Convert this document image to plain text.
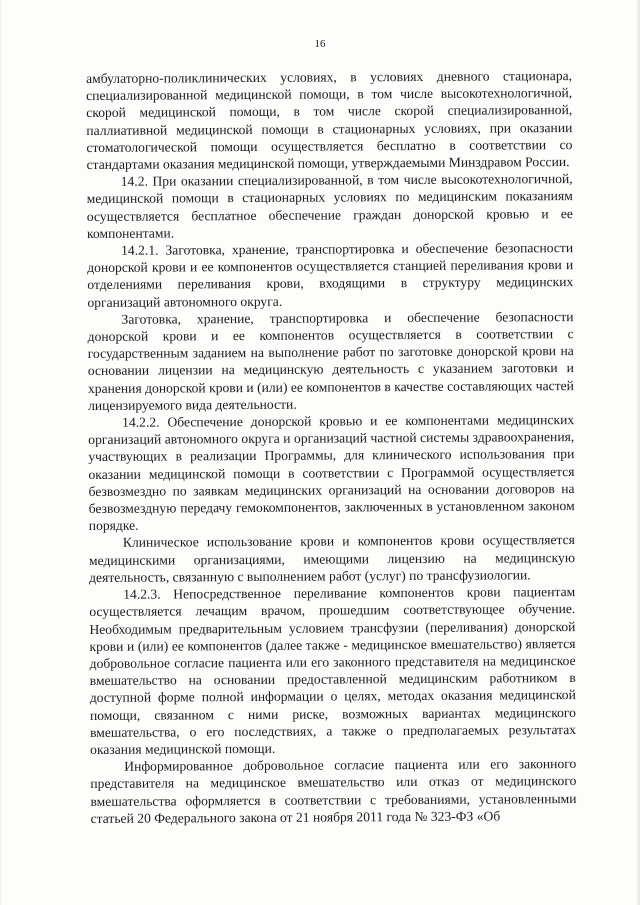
16

амбулаторно-поликлинических условиях, в условиях дневного стационара, специализированной медицинской помощи, в том числе высокотехнологичной, скорой медицинской помощи, в том числе скорой специализированной, паллиативной медицинской помощи в стационарных условиях, при оказании стоматологической помощи осуществляется бесплатно в соответствии со стандартами оказания медицинской помощи, утверждаемыми Минздравом России.

14.2. При оказании специализированной, в том числе высокотехнологичной, медицинской помощи в стационарных условиях по медицинским показаниям осуществляется бесплатное обеспечение граждан донорской кровью и ее компонентами.

14.2.1. Заготовка, хранение, транспортировка и обеспечение безопасности донорской крови и ее компонентов осуществляется станцией переливания крови и отделениями переливания крови, входящими в структуру медицинских организаций автономного округа.

Заготовка, хранение, транспортировка и обеспечение безопасности донорской крови и ее компонентов осуществляется в соответствии с государственным заданием на выполнение работ по заготовке донорской крови на основании лицензии на медицинскую деятельность с указанием заготовки и хранения донорской крови и (или) ее компонентов в качестве составляющих частей лицензируемого вида деятельности.

14.2.2. Обеспечение донорской кровью и ее компонентами медицинских организаций автономного округа и организаций частной системы здравоохранения, участвующих в реализации Программы, для клинического использования при оказании медицинской помощи в соответствии с Программой осуществляется безвозмездно по заявкам медицинских организаций на основании договоров на безвозмездную передачу гемокомпонентов, заключенных в установленном законом порядке.

Клиническое использование крови и компонентов крови осуществляется медицинскими организациями, имеющими лицензию на медицинскую деятельность, связанную с выполнением работ (услуг) по трансфузиологии.

14.2.3. Непосредственное переливание компонентов крови пациентам осуществляется лечащим врачом, прошедшим соответствующее обучение. Необходимым предварительным условием трансфузии (переливания) донорской крови и (или) ее компонентов (далее также - медицинское вмешательство) является добровольное согласие пациента или его законного представителя на медицинское вмешательство на основании предоставленной медицинским работником в доступной форме полной информации о целях, методах оказания медицинской помощи, связанном с ними риске, возможных вариантах медицинского вмешательства, о его последствиях, а также о предполагаемых результатах оказания медицинской помощи.

Информированное добровольное согласие пациента или его законного представителя на медицинское вмешательство или отказ от медицинского вмешательства оформляется в соответствии с требованиями, установленными статьей 20 Федерального закона от 21 ноября 2011 года № 323-ФЗ «Об
